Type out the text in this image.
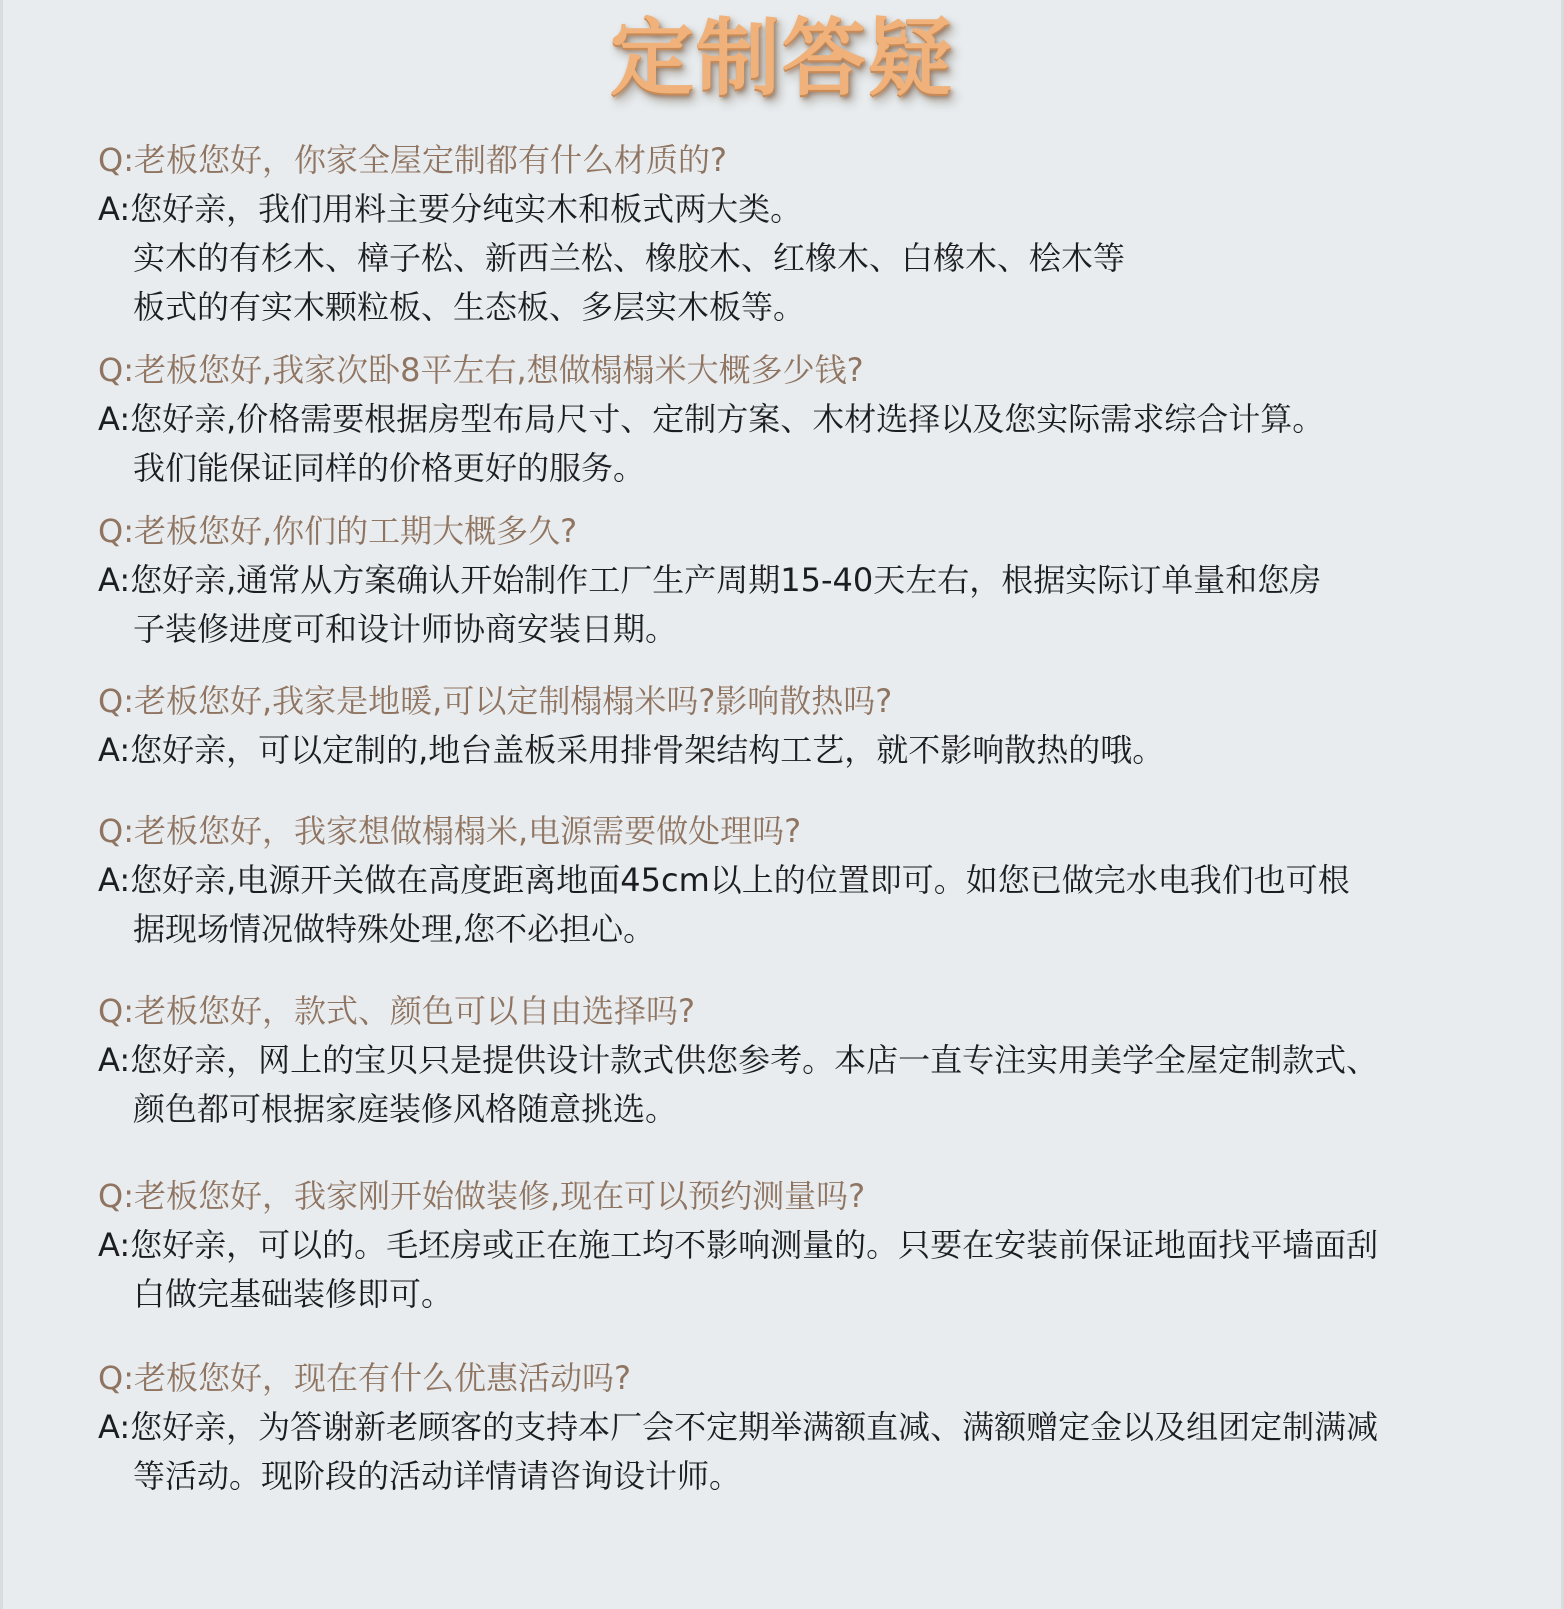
定制答疑

Q:老板您好，你家全屋定制都有什么材质的?

A:您好亲，我们用料主要分纯实木和板式两大类。

实木的有杉木、樟子松、新西兰松、橡胶木、红橡木、白橡木、桧木等

板式的有实木颗粒板、生态板、多层实木板等。

Q:老板您好,我家次卧8平左右,想做榻榻米大概多少钱?

A:您好亲,价格需要根据房型布局尺寸、定制方案、木材选择以及您实际需求综合计算。

我们能保证同样的价格更好的服务。

Q:老板您好,你们的工期大概多久?

A:您好亲,通常从方案确认开始制作工厂生产周期15-40天左右，根据实际订单量和您房

子装修进度可和设计师协商安装日期。

Q:老板您好,我家是地暖,可以定制榻榻米吗?影响散热吗?

A:您好亲，可以定制的,地台盖板采用排骨架结构工艺，就不影响散热的哦。

Q:老板您好，我家想做榻榻米,电源需要做处理吗?

A:您好亲,电源开关做在高度距离地面45cm以上的位置即可。如您已做完水电我们也可根

据现场情况做特殊处理,您不必担心。

Q:老板您好，款式、颜色可以自由选择吗?

A:您好亲，网上的宝贝只是提供设计款式供您参考。本店一直专注实用美学全屋定制款式、

颜色都可根据家庭装修风格随意挑选。

Q:老板您好，我家刚开始做装修,现在可以预约测量吗?

A:您好亲，可以的。毛坯房或正在施工均不影响测量的。只要在安装前保证地面找平墙面刮

白做完基础装修即可。

Q:老板您好，现在有什么优惠活动吗?

A:您好亲，为答谢新老顾客的支持本厂会不定期举满额直减、满额赠定金以及组团定制满减

等活动。现阶段的活动详情请咨询设计师。
